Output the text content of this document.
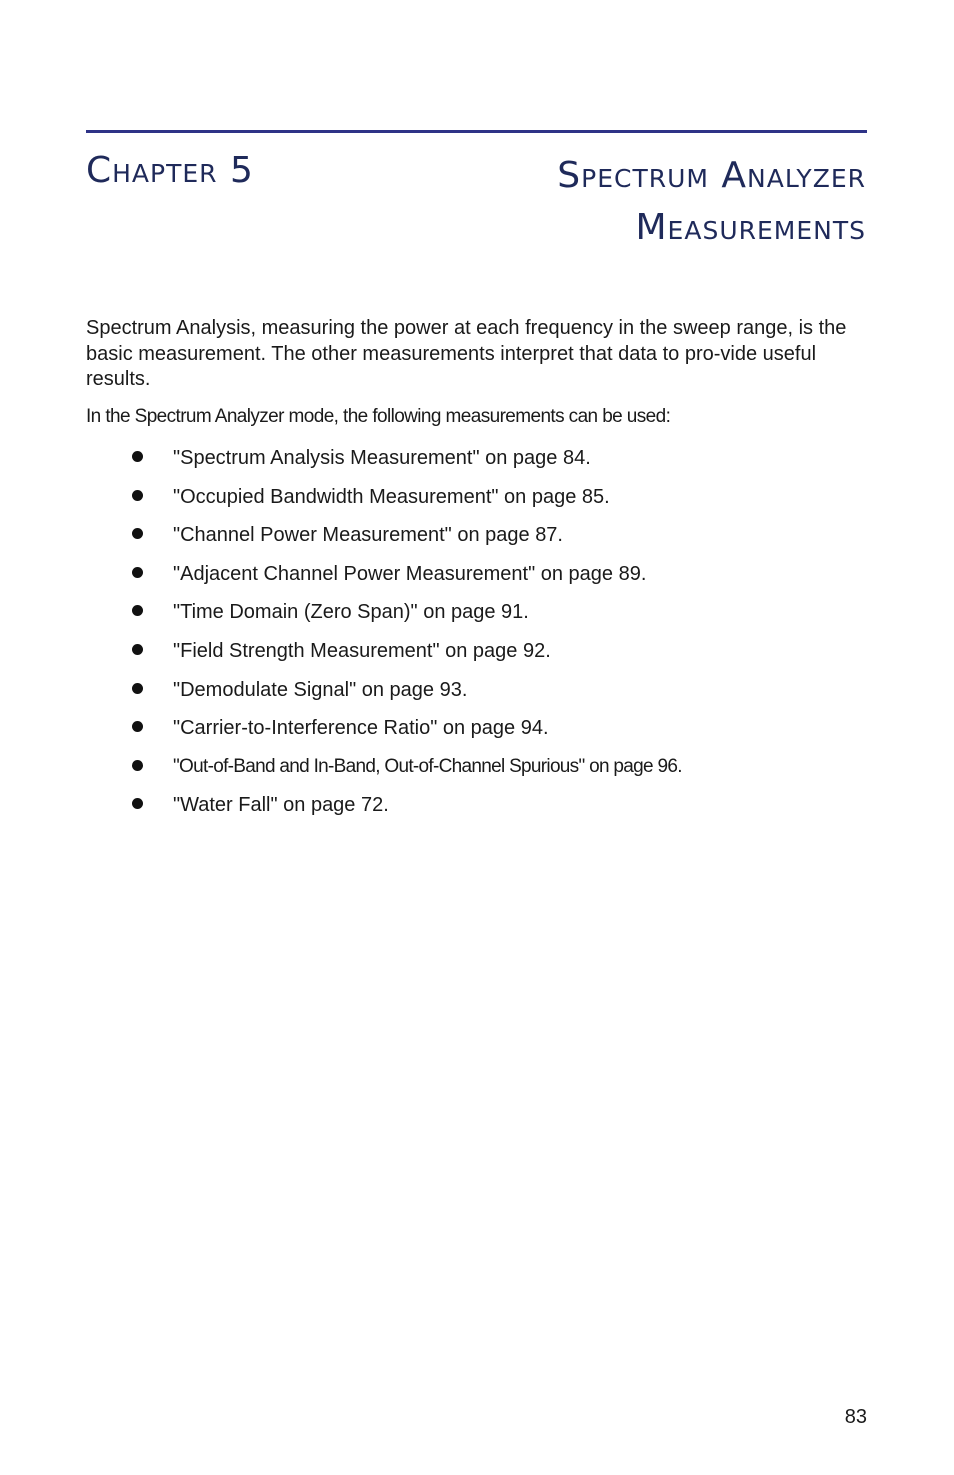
Chapter 5	Spectrum Analyzer Measurements

Spectrum Analysis, measuring the power at each frequency in the sweep range, is the basic measurement. The other measurements interpret that data to pro-vide useful results.

In the Spectrum Analyzer mode, the following measurements can be used:

"Spectrum Analysis Measurement" on page 84.
"Occupied Bandwidth Measurement" on page 85.
"Channel Power Measurement" on page 87.
"Adjacent Channel Power Measurement" on page 89.
"Time Domain (Zero Span)" on page 91.
"Field Strength Measurement" on page 92.
"Demodulate Signal" on page 93.
"Carrier-to-Interference Ratio" on page 94.
"Out-of-Band and In-Band, Out-of-Channel Spurious" on page 96.
"Water Fall" on page 72.
83
